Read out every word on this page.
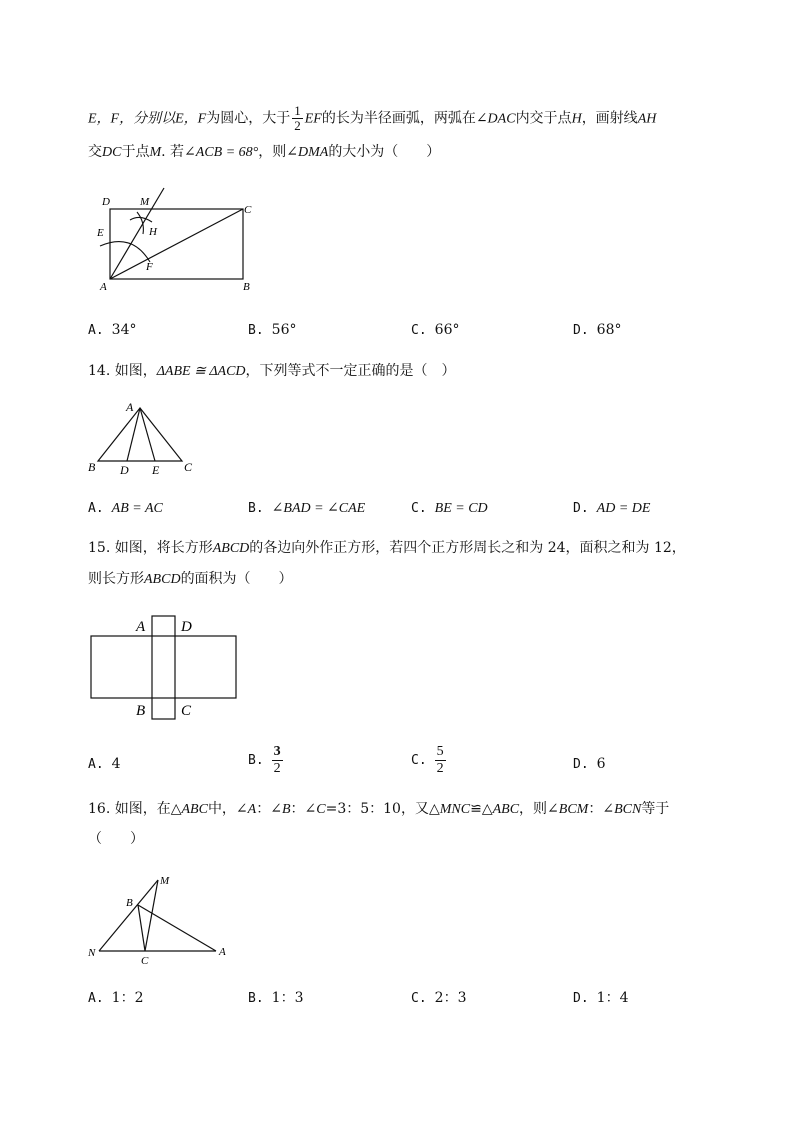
E，F，分别以E，F为圆心，大于 $\frac{1}{2}$ EF的长为半径画弧，两弧在∠DAC内交于点H，画射线AH
交DC于点M. 若∠ACB = 68°，则∠DMA的大小为（　　）
D	M
C
E	H
F
A	B
A. 34°	B. 56°	C. 66°	D. 68°
14. 如图，ΔABE ≅ ΔACD，下列等式不一定正确的是（　）
A
B D E C
A. AB = AC	B. ∠BAD = ∠CAE	C. BE = CD	D. AD = DE
15. 如图，将长方形ABCD的各边向外作正方形，若四个正方形周长之和为 24，面积之和为 12，
则长方形ABCD的面积为（　　）
A D
B C
A. 4	B. $\frac{3}{2}$	C. $\frac{5}{2}$	D. 6
16. 如图，在△ABC中，∠A：∠B：∠C=3：5：10，又△MNC≌△ABC，则∠BCM：∠BCN等于
（　　）
M
B
N
C
A
A. 1：2	B. 1：3	C. 2：3	D. 1：4
